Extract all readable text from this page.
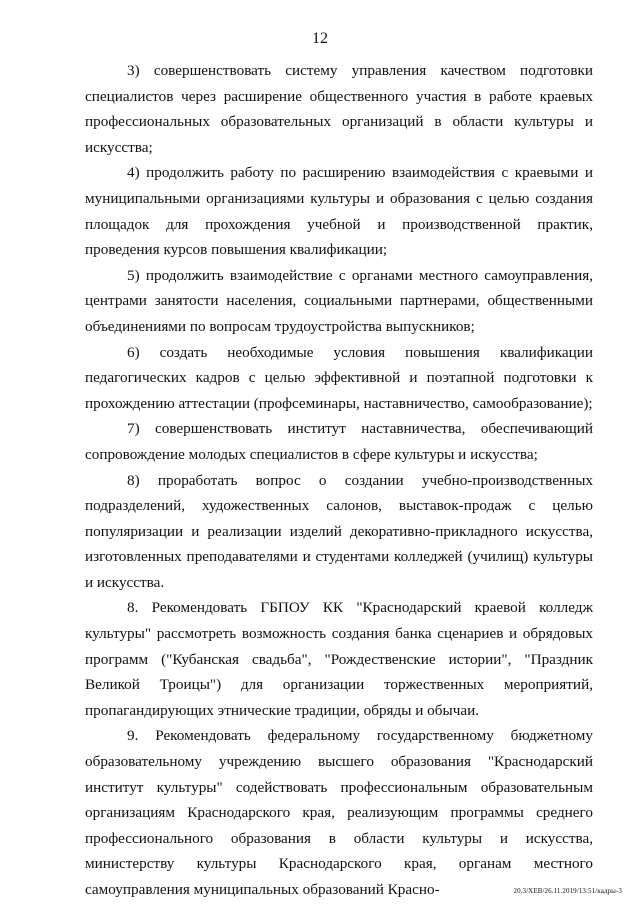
12

3) совершенствовать систему управления качеством подготовки специалистов через расширение общественного участия в работе краевых профессиональных образовательных организаций в области культуры и искусства;

4) продолжить работу по расширению взаимодействия с краевыми и муниципальными организациями культуры и образования с целью создания площадок для прохождения учебной и производственной практик, проведения курсов повышения квалификации;

5) продолжить взаимодействие с органами местного самоуправления, центрами занятости населения, социальными партнерами, общественными объединениями по вопросам трудоустройства выпускников;

6) создать необходимые условия повышения квалификации педагогических кадров с целью эффективной и поэтапной подготовки к прохождению аттестации (профсеминары, наставничество, самообразование);

7) совершенствовать институт наставничества, обеспечивающий сопровождение молодых специалистов в сфере культуры и искусства;

8) проработать вопрос о создании учебно-производственных подразделений, художественных салонов, выставок-продаж с целью популяризации и реализации изделий декоративно-прикладного искусства, изготовленных преподавателями и студентами колледжей (училищ) культуры и искусства.

8. Рекомендовать ГБПОУ КК "Краснодарский краевой колледж культуры" рассмотреть возможность создания банка сценариев и обрядовых программ ("Кубанская свадьба", "Рождественские истории", "Праздник Великой Троицы") для организации торжественных мероприятий, пропагандирующих этнические традиции, обряды и обычаи.

9. Рекомендовать федеральному государственному бюджетному образовательному учреждению высшего образования "Краснодарский институт культуры" содействовать профессиональным образовательным организациям Краснодарского края, реализующим программы среднего профессионального образования в области культуры и искусства, министерству культуры Краснодарского края, органам местного самоуправления муниципальных образований Красно-	20.3/ХЕВ/26.11.2019/13:51/кадры-3
